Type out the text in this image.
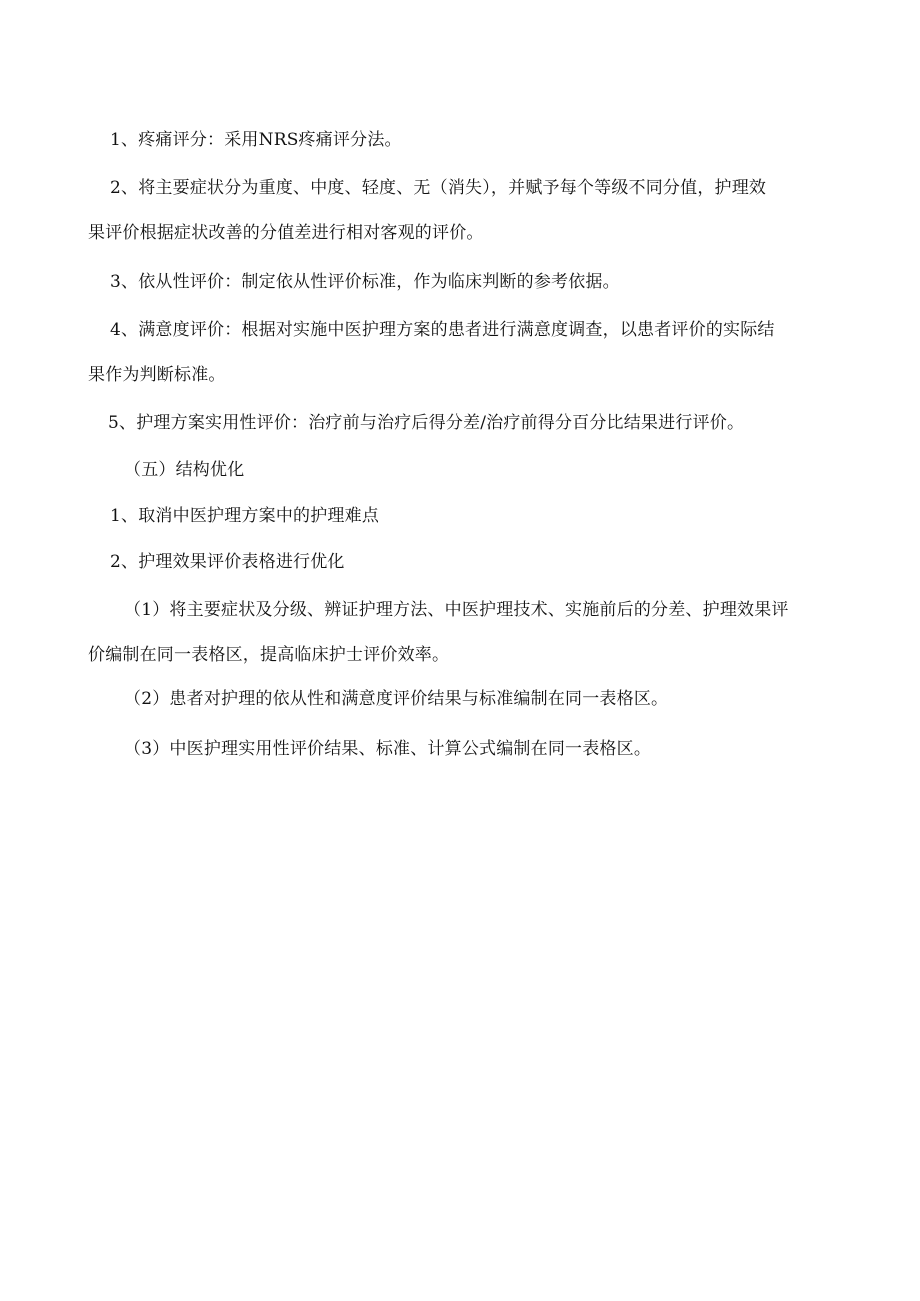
1、疼痛评分：采用NRS疼痛评分法。

2、将主要症状分为重度、中度、轻度、无（消失），并赋予每个等级不同分值，护理效
果评价根据症状改善的分值差进行相对客观的评价。

3、依从性评价：制定依从性评价标准，作为临床判断的参考依据。

4、满意度评价：根据对实施中医护理方案的患者进行满意度调查，以患者评价的实际结
果作为判断标准。

5、护理方案实用性评价：治疗前与治疗后得分差/治疗前得分百分比结果进行评价。

（五）结构优化

1、取消中医护理方案中的护理难点

2、护理效果评价表格进行优化

（1）将主要症状及分级、辨证护理方法、中医护理技术、实施前后的分差、护理效果评
价编制在同一表格区，提高临床护士评价效率。

（2）患者对护理的依从性和满意度评价结果与标准编制在同一表格区。

（3）中医护理实用性评价结果、标准、计算公式编制在同一表格区。
